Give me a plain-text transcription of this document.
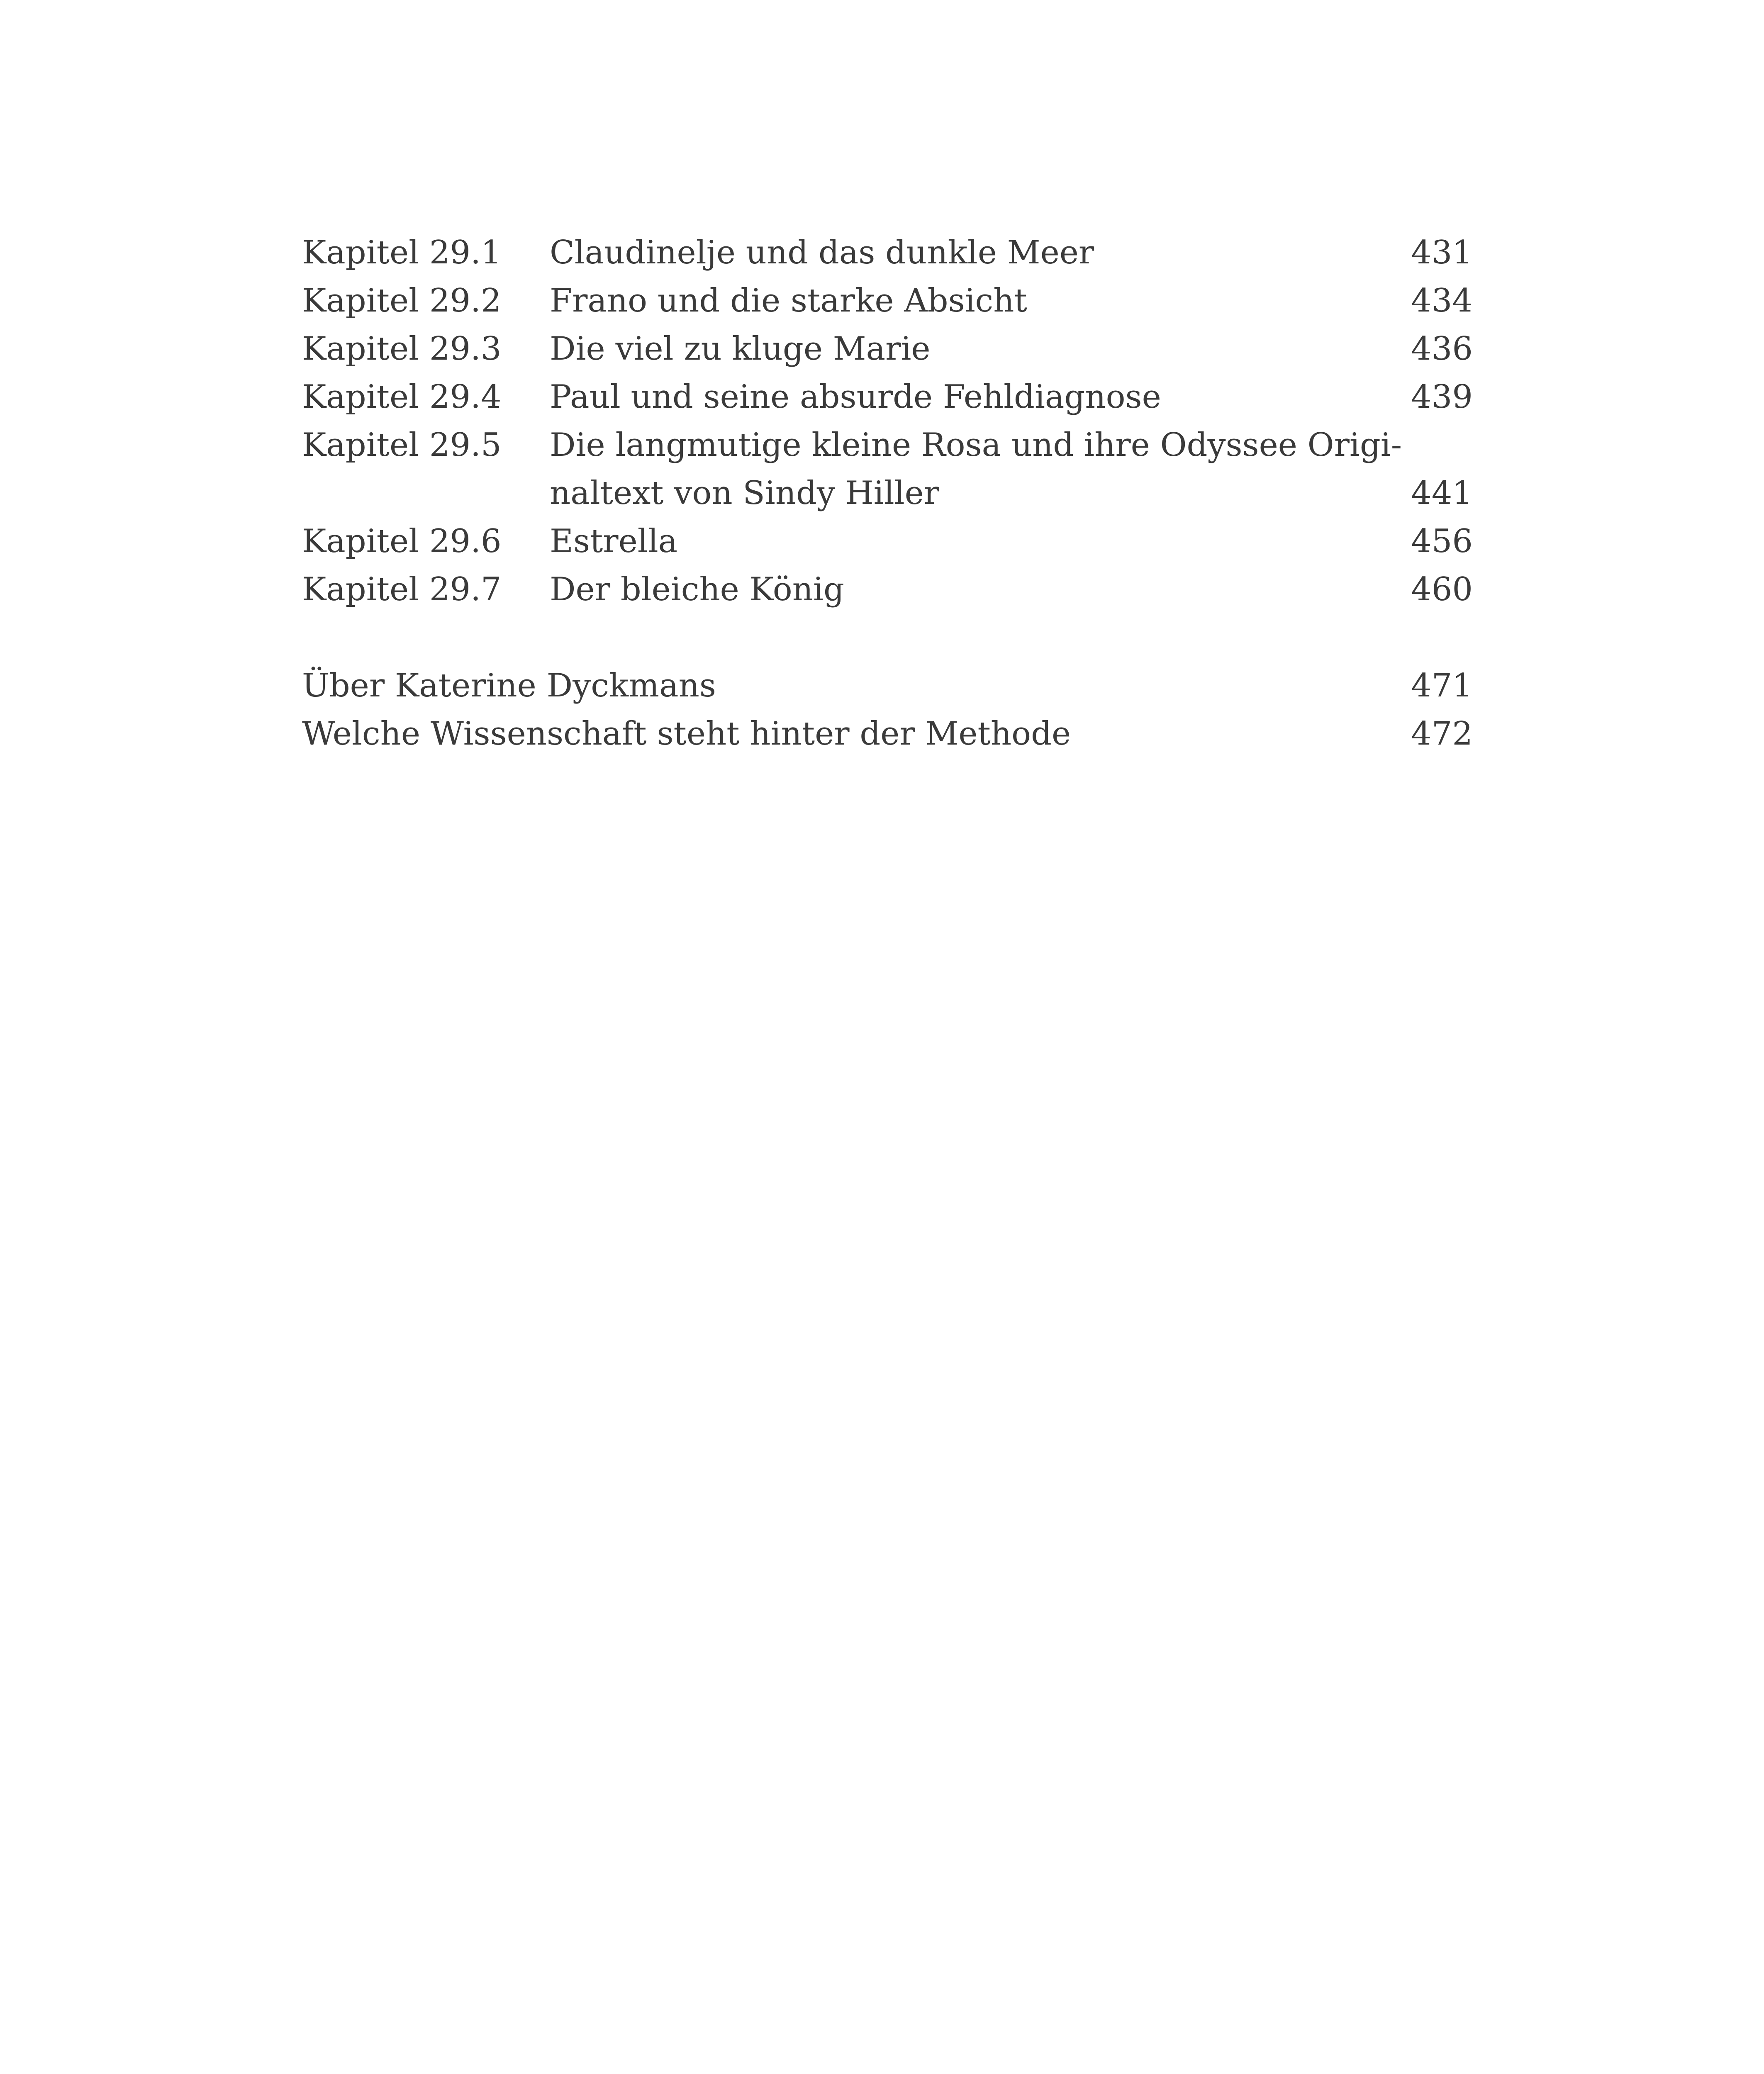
Kapitel 29.1 Claudinelje und das dunkle Meer	431
Kapitel 29.2 Frano und die starke Absicht	434
Kapitel 29.3 Die viel zu kluge Marie	436
Kapitel 29.4 Paul und seine absurde Fehldiagnose	439
Kapitel 29.5 Die langmutige kleine Rosa und ihre Odyssee Origi-
naltext von Sindy Hiller	441
Kapitel 29.6 Estrella	456
Kapitel 29.7 Der bleiche König	460
Über Katerine Dyckmans	471
Welche Wissenschaft steht hinter der Methode	472
